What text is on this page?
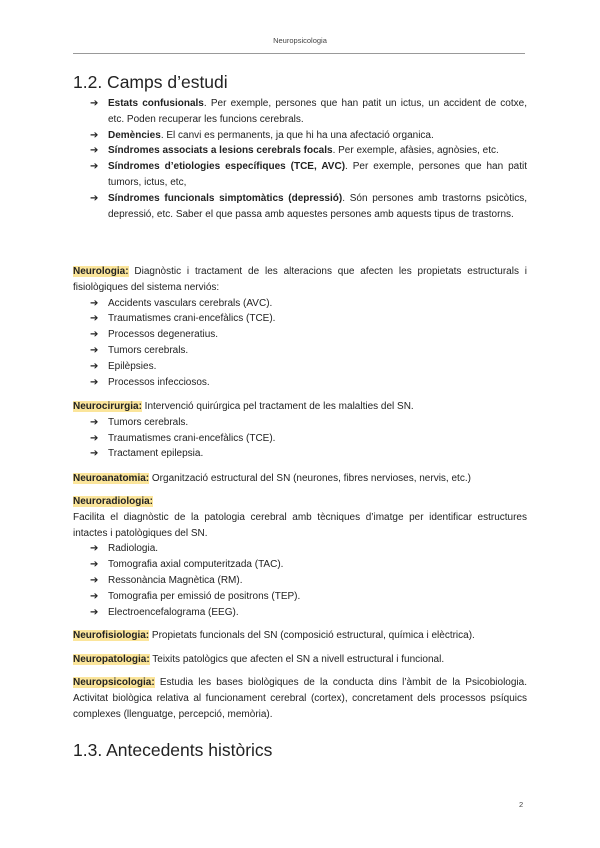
Neuropsicologia
1.2. Camps d’estudi
➔ Estats confusionals. Per exemple, persones que han patit un ictus, un accident de cotxe, etc. Poden recuperar les funcions cerebrals.
➔ Demències. El canvi es permanents, ja que hi ha una afectació organica.
➔ Síndromes associats a lesions cerebrals focals. Per exemple, afàsies, agnòsies, etc.
➔ Síndromes d’etiologies específiques (TCE, AVC). Per exemple, persones que han patit tumors, ictus, etc,
➔ Síndromes funcionals simptomàtics (depressió). Són persones amb trastorns psicòtics, depressió, etc. Saber el que passa amb aquestes persones amb aquests tipus de trastorns.

Neurologia: Diagnòstic i tractament de les alteracions que afecten les propietats estructurals i fisiològiques del sistema nerviós:

➔ Accidents vasculars cerebrals (AVC).
➔ Traumatismes crani-encefàlics (TCE).
➔ Processos degeneratius.
➔ Tumors cerebrals.
➔ Epilèpsies.
➔ Processos infecciosos.

Neurocirurgia: Intervenció quirúrgica pel tractament de les malalties del SN.

➔ Tumors cerebrals.
➔ Traumatismes crani-encefàlics (TCE).
➔ Tractament epilepsia.

Neuroanatomia: Organització estructural del SN (neurones, fibres nervioses, nervis, etc.)

Neuroradiologia:

Facilita el diagnòstic de la patologia cerebral amb tècniques d’imatge per identificar estructures intactes i patològiques del SN.

➔ Radiologia.
➔ Tomografia axial computeritzada (TAC).
➔ Ressonància Magnètica (RM).
➔ Tomografia per emissió de positrons (TEP).
➔ Electroencefalograma (EEG).

Neurofisiologia: Propietats funcionals del SN (composició estructural, química i elèctrica).

Neuropatologia: Teixits patològics que afecten el SN a nivell estructural i funcional.

Neuropsicologia: Estudia les bases biològiques de la conducta dins l’àmbit de la Psicobiologia. Activitat biològica relativa al funcionament cerebral (cortex), concretament dels processos psíquics complexes (llenguatge, percepció, memòria).

1.3. Antecedents històrics
2
